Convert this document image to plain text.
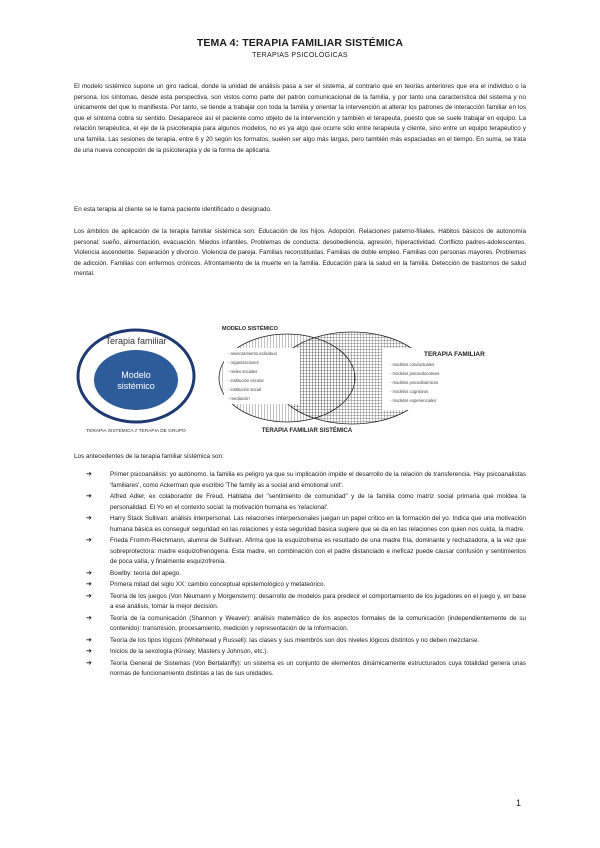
TEMA 4: TERAPIA FAMILIAR SISTÉMICA
TERAPIAS PSICOLÓGICAS

El modelo sistémico supone un giro radical, donde la unidad de análisis pasa a ser el sistema, al contrario que en teorías anteriores que era el individuo o la persona. los síntomas, desde esta perspectiva, son vistos como parte del patrón comunicacional de la familia, y por tanto una característica del sistema y no únicamente del que lo manifiesta. Por tanto, se tiende a trabajar con toda la familia y orientar la intervención al alterar los patrones de interacción familiar en los que el síntoma cobra su sentido. Desaparece así el paciente como objeto de la intervención y también el terapeuta, puesto que se suele trabajar en equipo. La relación terapéutica, el eje de la psicoterapia para algunos modelos, no es ya algo que ocurre sólo entre terapeuta y cliente, sino entre un equipo terapéutico y una familia. Las sesiones de terapia, entre 6 y 20 según los formatos, suelen ser algo más largas, pero también más espaciadas en el tiempo. En suma, se trata de una nueva concepción de la psicoterapia y de la forma de aplicarla.

En esta terapia al cliente se le llama paciente identificado o designado.

Los ámbitos de aplicación de la terapia familiar sistémica son: Educación de los hijos. Adopción. Relaciones paterno-filiales. Hábitos básicos de autonomía personal: sueño, alimentación, evacuación. Miedos infantiles. Problemas de conducta: desobediencia, agresión, hiperactividad. Conflicto padres-adolescentes. Violencia ascendente. Separación y divorcio. Violencia de pareja. Familias reconstituidas. Familias de doble empleo. Familias con personas mayores. Problemas de adicción. Familias con enfermos crónicos. Afrontamiento de la muerte en la familia. Educación para la salud en la familia. Detección de trastornos de salud mental.

Terapia familiar
Modelo
sistémico
TERAPIA SISTÉMICA ≠ TERAPIA DE GRUPO
MODELO SISTÉMICO
TERAPIA FAMILIAR
TERAPIA FAMILIAR SISTÉMICA
- asesoramiento individual
- organizaciones
- redes sociales
- institución escolar
- institución social
- mediación
- modelos conductuales
- modelos psicoeducativos
- modelos psicodinámicos
- modelos cognitivos
- modelos experienciales

Los antecedentes de la terapia familiar sistémica son:

➔	Primer psicoanálisis: yo autónomo. la familia es peligro ya que su implicación impide el desarrollo de la relación de transferencia. Hay psicoanalistas 'familiares', como Ackerman que escribió 'The family as a social and emotional unit'.
➔	Alfred Adler, ex colaborador de Freud. Hablaba del "sentimiento de comunidad" y de la familia como matriz social primaria que moldea la personalidad. El Yo en el contexto social: la motivación humana es 'relacional'.
➔	Harry Stack Sullivan: análisis interpersonal. Las relaciones interpersonales juegan un papel crítico en la formación del yo. Indica que una motivación humana básica es conseguir seguridad en las relaciones y esta seguridad básica sugiere que se da en las relaciones con quien nos cuida, la madre.
➔	Frieda Fromm-Reichmann, alumna de Sullivan. Afirma que la esquizofrenia es resultado de una madre fría, dominante y rechazadora, a la vez que sobreprotectora: madre esquizofrenógena. Esta madre, en combinación con el padre distanciado e ineficaz puede causar confusión y sentimientos de poca valía, y finalmente esquizofrenia.
➔	Bowlby: teoría del apego.
➔	Primera mitad del siglo XX: cambio conceptual epistemológico y metateórico.
➔	Teoría de los juegos (Von Neumann y Morgenstern): desarrollo de modelos para predecir el comportamiento de los jugadores en el juego y, en base a ese análisis, tomar la mejor decisión.
➔	Teoría de la comunicación (Shannon y Weaver): análisis matemático de los aspectos formales de la comunicación (independientemente de su contenido): transmisión, procesamiento, medición y representación de la información.
➔	Teoría de los tipos lógicos (Whitehead y Russell): las clases y sus miembros son dos niveles lógicos distintos y no deben mezclarse.
➔	Inicios de la sexología (Kinsey, Masters y Johnson, etc.).
➔	Teoría General de Sistemas (Von Bertalanffy): un sistema es un conjunto de elementos dinámicamente estructurados cuya totalidad genera unas normas de funcionamiento distintas a las de sus unidades.
1
